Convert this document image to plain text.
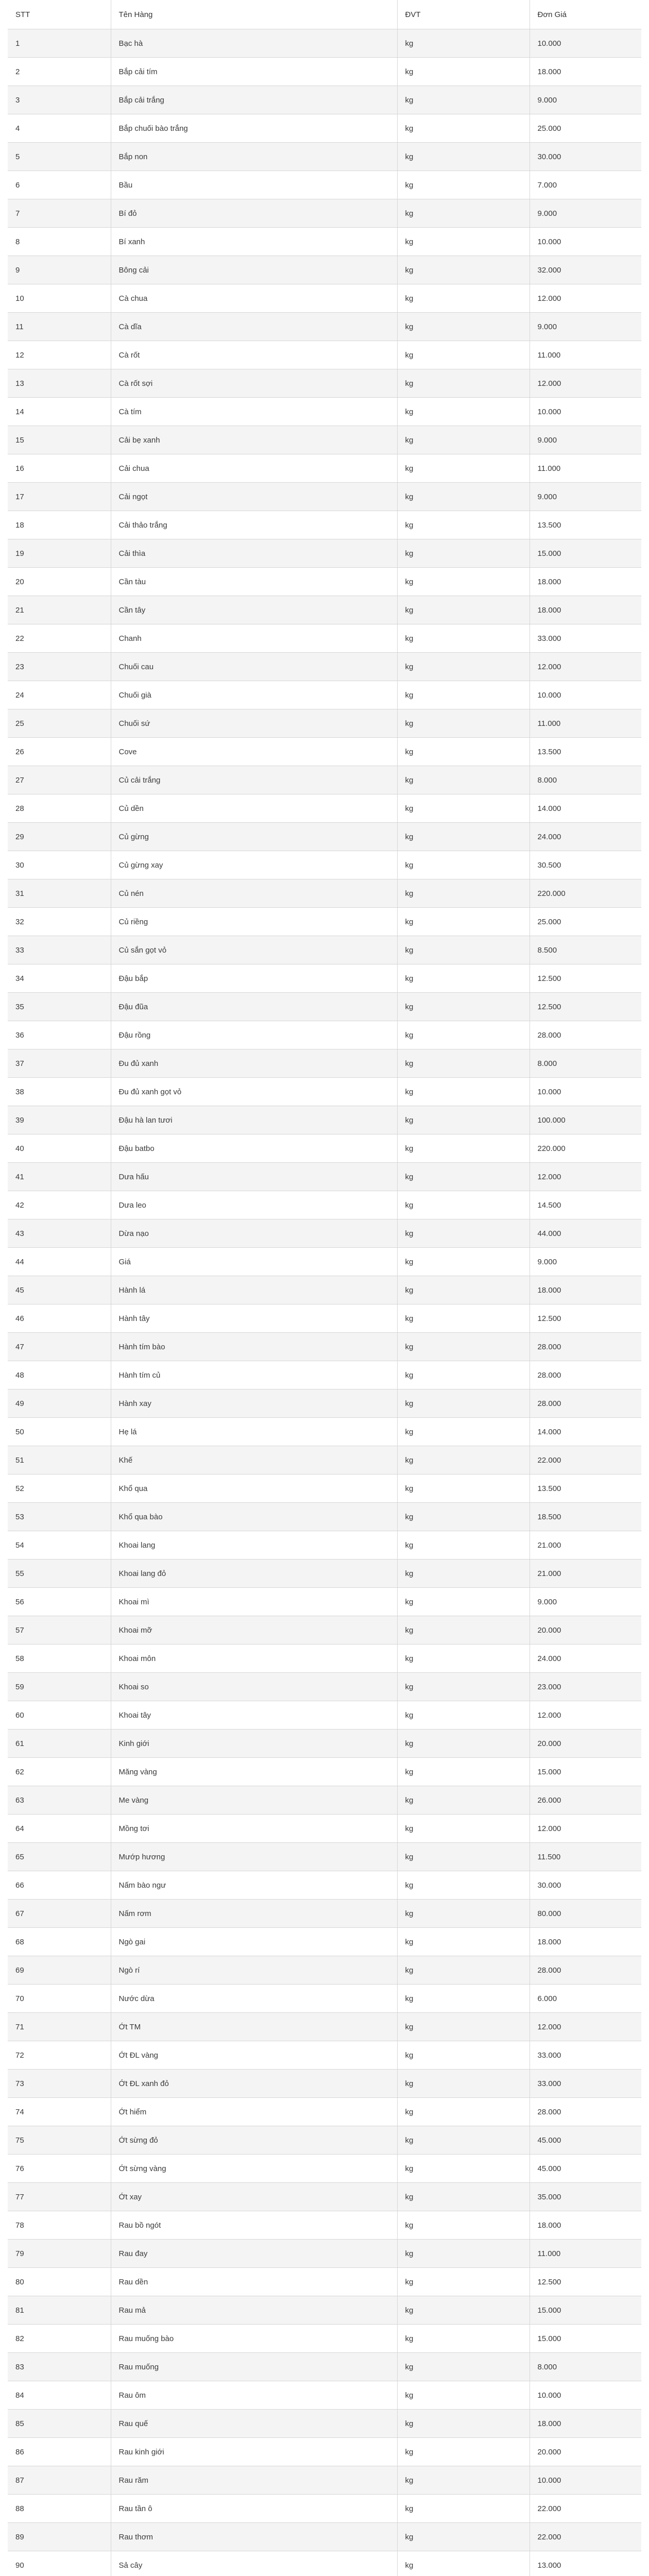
STT	Tên Hàng	ĐVT	Đơn Giá
1	Bạc hà	kg	10.000
2	Bắp cải tím	kg	18.000
3	Bắp cải trắng	kg	9.000
4	Bắp chuối bào trắng	kg	25.000
5	Bắp non	kg	30.000
6	Bầu	kg	7.000
7	Bí đỏ	kg	9.000
8	Bí xanh	kg	10.000
9	Bông cải	kg	32.000
10	Cà chua	kg	12.000
11	Cà dĩa	kg	9.000
12	Cà rốt	kg	11.000
13	Cà rốt sợi	kg	12.000
14	Cà tím	kg	10.000
15	Cải bẹ xanh	kg	9.000
16	Cải chua	kg	11.000
17	Cải ngọt	kg	9.000
18	Cải thảo trắng	kg	13.500
19	Cải thìa	kg	15.000
20	Cần tàu	kg	18.000
21	Cần tây	kg	18.000
22	Chanh	kg	33.000
23	Chuối cau	kg	12.000
24	Chuối già	kg	10.000
25	Chuối sứ	kg	11.000
26	Cove	kg	13.500
27	Củ cải trắng	kg	8.000
28	Củ dền	kg	14.000
29	Củ gừng	kg	24.000
30	Củ gừng xay	kg	30.500
31	Củ nén	kg	220.000
32	Củ riềng	kg	25.000
33	Củ sắn gọt vỏ	kg	8.500
34	Đậu bắp	kg	12.500
35	Đậu đũa	kg	12.500
36	Đậu rồng	kg	28.000
37	Đu đủ xanh	kg	8.000
38	Đu đủ xanh gọt vỏ	kg	10.000
39	Đậu hà lan tươi	kg	100.000
40	Đậu batbo	kg	220.000
41	Dưa hấu	kg	12.000
42	Dưa leo	kg	14.500
43	Dừa nạo	kg	44.000
44	Giá	kg	9.000
45	Hành lá	kg	18.000
46	Hành tây	kg	12.500
47	Hành tím bào	kg	28.000
48	Hành tím củ	kg	28.000
49	Hành xay	kg	28.000
50	Hẹ lá	kg	14.000
51	Khế	kg	22.000
52	Khổ qua	kg	13.500
53	Khổ qua bào	kg	18.500
54	Khoai lang	kg	21.000
55	Khoai lang đỏ	kg	21.000
56	Khoai mì	kg	9.000
57	Khoai mỡ	kg	20.000
58	Khoai môn	kg	24.000
59	Khoai so	kg	23.000
60	Khoai tây	kg	12.000
61	Kinh giới	kg	20.000
62	Măng vàng	kg	15.000
63	Me vàng	kg	26.000
64	Mồng tơi	kg	12.000
65	Mướp hương	kg	11.500
66	Nấm bào ngư	kg	30.000
67	Nấm rơm	kg	80.000
68	Ngò gai	kg	18.000
69	Ngò rí	kg	28.000
70	Nước dừa	kg	6.000
71	Ớt TM	kg	12.000
72	Ớt ĐL vàng	kg	33.000
73	Ớt ĐL xanh đỏ	kg	33.000
74	Ớt hiểm	kg	28.000
75	Ớt sừng đỏ	kg	45.000
76	Ớt sừng vàng	kg	45.000
77	Ớt xay	kg	35.000
78	Rau bồ ngót	kg	18.000
79	Rau đay	kg	11.000
80	Rau dền	kg	12.500
81	Rau mả	kg	15.000
82	Rau muống bào	kg	15.000
83	Rau muống	kg	8.000
84	Rau ôm	kg	10.000
85	Rau quế	kg	18.000
86	Rau kinh giới	kg	20.000
87	Rau răm	kg	10.000
88	Rau tần ô	kg	22.000
89	Rau thơm	kg	22.000
90	Sả cây	kg	13.000
